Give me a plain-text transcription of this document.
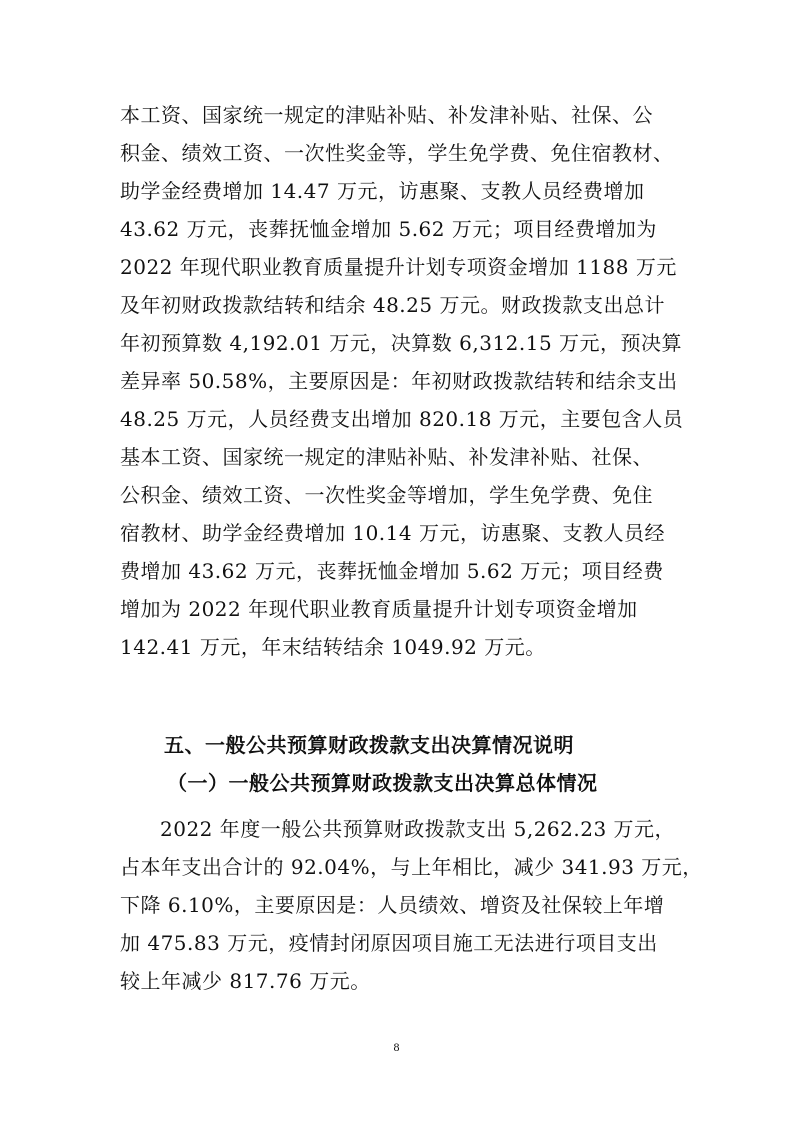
本工资、国家统一规定的津贴补贴、补发津补贴、社保、公
积金、绩效工资、一次性奖金等，学生免学费、免住宿教材、
助学金经费增加 14.47 万元，访惠聚、支教人员经费增加
43.62 万元，丧葬抚恤金增加 5.62 万元；项目经费增加为
2022 年现代职业教育质量提升计划专项资金增加 1188 万元
及年初财政拨款结转和结余 48.25 万元。财政拨款支出总计
年初预算数 4,192.01 万元，决算数 6,312.15 万元，预决算
差异率 50.58%，主要原因是：年初财政拨款结转和结余支出
48.25 万元，人员经费支出增加 820.18 万元，主要包含人员
基本工资、国家统一规定的津贴补贴、补发津补贴、社保、
公积金、绩效工资、一次性奖金等增加，学生免学费、免住
宿教材、助学金经费增加 10.14 万元，访惠聚、支教人员经
费增加 43.62 万元，丧葬抚恤金增加 5.62 万元；项目经费
增加为 2022 年现代职业教育质量提升计划专项资金增加
142.41 万元，年末结转结余 1049.92 万元。
五、一般公共预算财政拨款支出决算情况说明
（一）一般公共预算财政拨款支出决算总体情况
2022 年度一般公共预算财政拨款支出 5,262.23 万元，
占本年支出合计的 92.04%，与上年相比，减少 341.93 万元，
下降 6.10%，主要原因是：人员绩效、增资及社保较上年增
加 475.83 万元，疫情封闭原因项目施工无法进行项目支出
较上年减少 817.76 万元。
8
